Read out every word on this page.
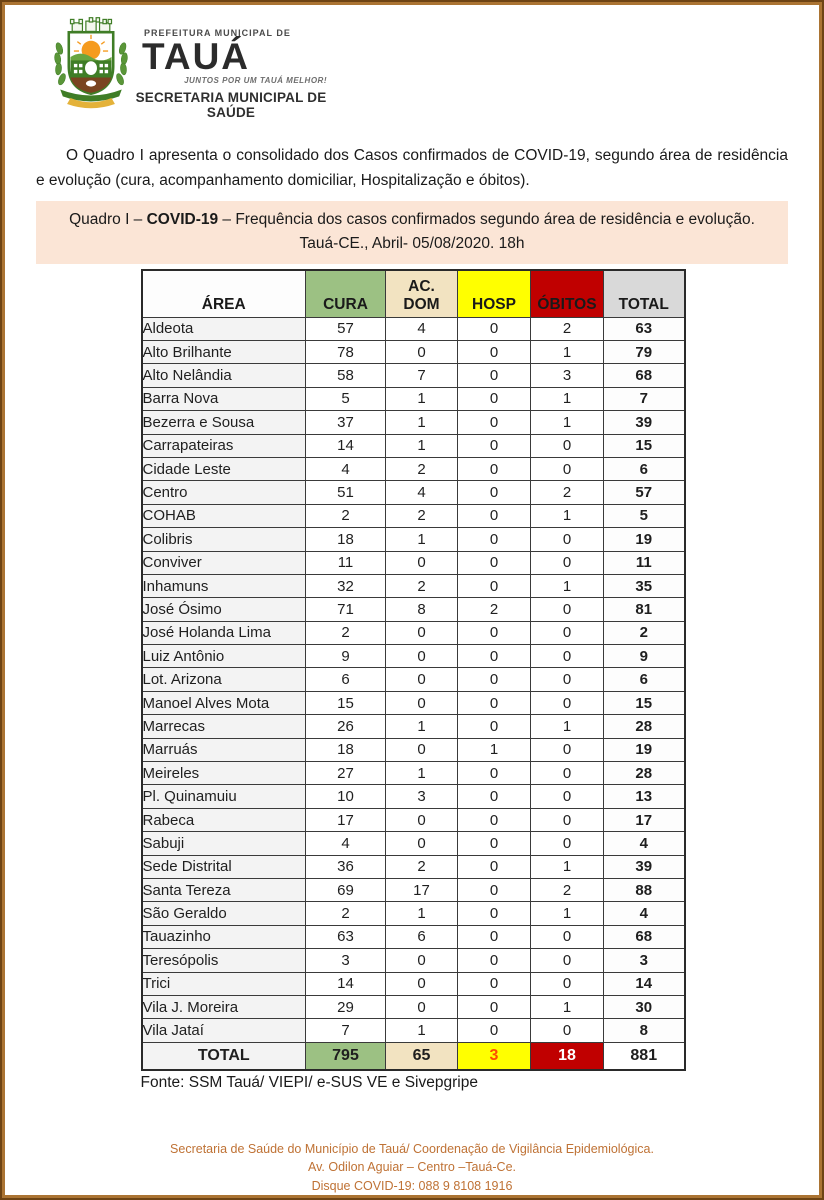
PREFEITURA MUNICIPAL DE
TAUÁ
JUNTOS POR UM TAUÁ MELHOR!
SECRETARIA MUNICIPAL DE SAÚDE

O Quadro I apresenta o consolidado dos Casos confirmados de COVID-19, segundo área de residência e evolução (cura, acompanhamento domiciliar, Hospitalização e óbitos).

Quadro I – COVID-19 – Frequência dos casos confirmados segundo área de residência e evolução.
Tauá-CE., Abril- 05/08/2020. 18h
ÁREA	CURA	AC. DOM	HOSP	ÓBITOS	TOTAL
Aldeota	57	4	0	2	63
Alto Brilhante	78	0	0	1	79
Alto Nelândia	58	7	0	3	68
Barra Nova	5	1	0	1	7
Bezerra e Sousa	37	1	0	1	39
Carrapateiras	14	1	0	0	15
Cidade Leste	4	2	0	0	6
Centro	51	4	0	2	57
COHAB	2	2	0	1	5
Colibris	18	1	0	0	19
Conviver	11	0	0	0	11
Inhamuns	32	2	0	1	35
José Ósimo	71	8	2	0	81
José Holanda Lima	2	0	0	0	2
Luiz Antônio	9	0	0	0	9
Lot. Arizona	6	0	0	0	6
Manoel Alves Mota	15	0	0	0	15
Marrecas	26	1	0	1	28
Marruás	18	0	1	0	19
Meireles	27	1	0	0	28
Pl. Quinamuiu	10	3	0	0	13
Rabeca	17	0	0	0	17
Sabuji	4	0	0	0	4
Sede Distrital	36	2	0	1	39
Santa Tereza	69	17	0	2	88
São Geraldo	2	1	0	1	4
Tauazinho	63	6	0	0	68
Teresópolis	3	0	0	0	3
Trici	14	0	0	0	14
Vila J. Moreira	29	0	0	1	30
Vila Jataí	7	1	0	0	8
TOTAL	795	65	3	18	881
Fonte: SSM Tauá/ VIEPI/ e-SUS VE e Sivepgripe
Secretaria de Saúde do Município de Tauá/ Coordenação de Vigilância Epidemiológica.
Av. Odilon Aguiar – Centro –Tauá-Ce.
Disque COVID-19: 088 9 8108 1916
